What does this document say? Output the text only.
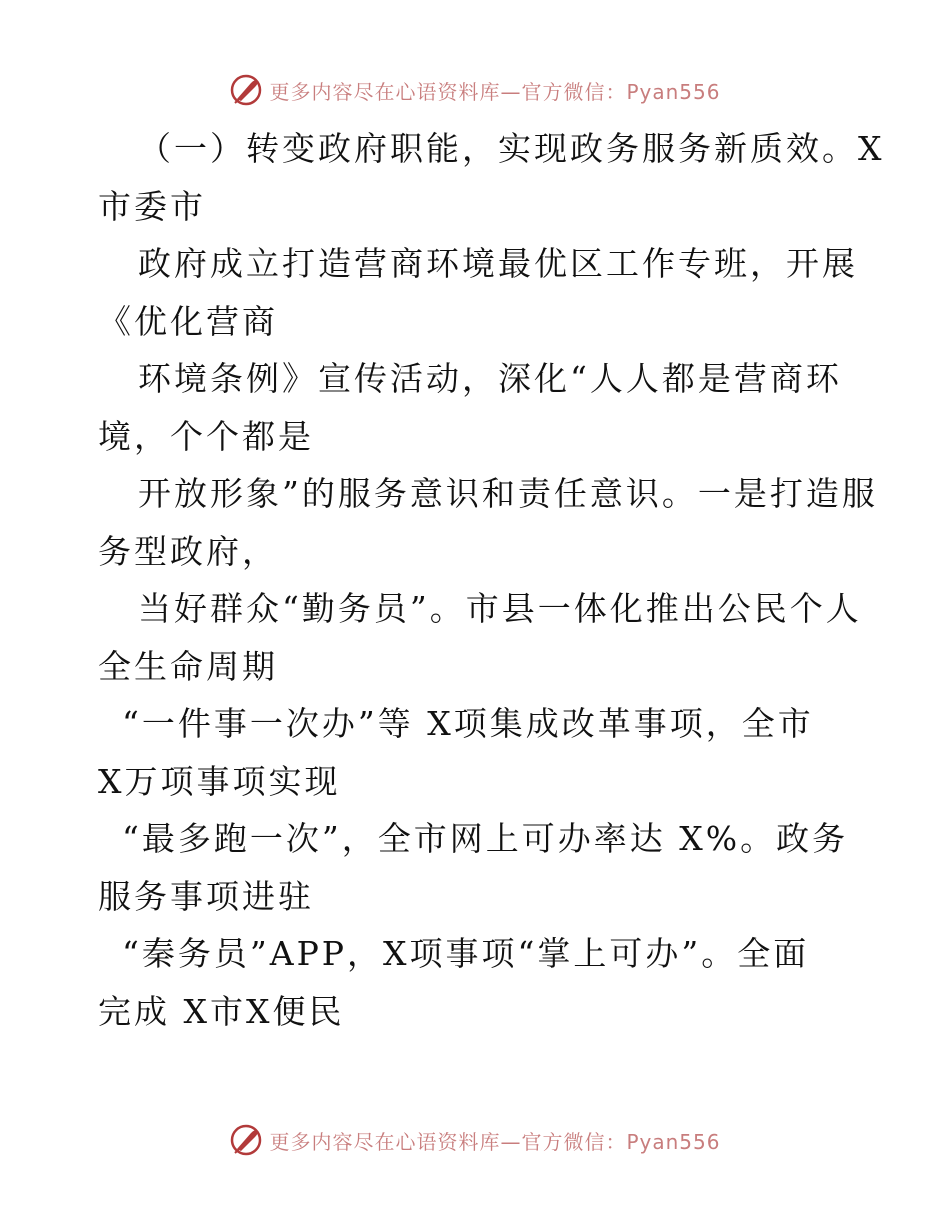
更多内容尽在心语资料库—官方微信：Pyan556
（一）转变政府职能，实现政务服务新质效。X
市委市
政府成立打造营商环境最优区工作专班，开展
《优化营商
环境条例》宣传活动，深化“人人都是营商环
境，个个都是
开放形象”的服务意识和责任意识。一是打造服
务型政府，
当好群众“勤务员”。市县一体化推出公民个人
全生命周期
“一件事一次办”等 X项集成改革事项，全市
X万项事项实现
“最多跑一次”，全市网上可办率达 X%。政务
服务事项进驻
“秦务员”APP，X项事项“掌上可办”。全面
完成 X市X便民
更多内容尽在心语资料库—官方微信：Pyan556
